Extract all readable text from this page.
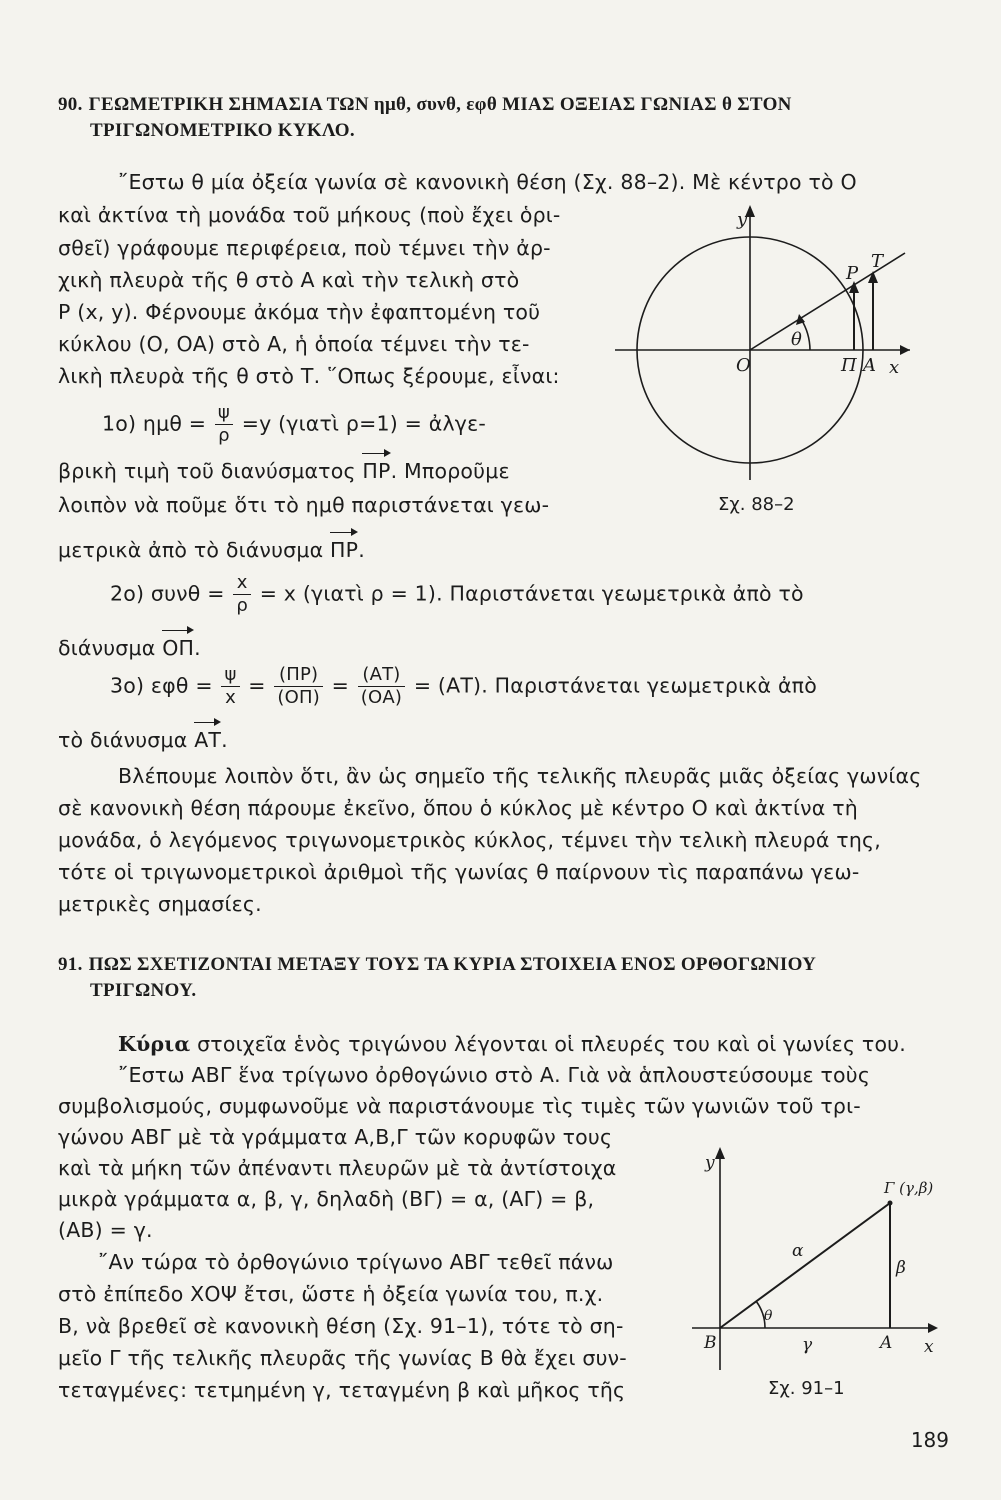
90. ΓΕΩΜΕΤΡΙΚΗ ΣΗΜΑΣΙΑ ΤΩΝ ημθ, συνθ, εφθ ΜΙΑΣ ΟΞΕΙΑΣ ΓΩΝΙΑΣ θ ΣΤΟΝ
ΤΡΙΓΩΝΟΜΕΤΡΙΚΟ ΚΥΚΛΟ.
῎Εστω θ μία ὀξεία γωνία σὲ κανονικὴ θέση (Σχ. 88–2). Μὲ κέντρο τὸ Ο
καὶ ἀκτίνα τὴ μονάδα τοῦ μήκους (ποὺ ἔχει ὁρι-
σθεῖ) γράφουμε περιφέρεια, ποὺ τέμνει τὴν ἀρ-
χικὴ πλευρὰ τῆς θ στὸ Α καὶ τὴν τελικὴ στὸ
Ρ (x, y). Φέρνουμε ἀκόμα τὴν ἐφαπτομένη τοῦ
κύκλου (Ο, ΟΑ) στὸ Α, ἡ ὁποία τέμνει τὴν τε-
λικὴ πλευρὰ τῆς θ στὸ Τ. ῞Οπως ξέρουμε, εἶναι:
1ο) $\eta\mu\theta = \frac{\psi}{\rho} =y$ (γιατὶ ρ=1) = ἀλγε-
βρικὴ τιμὴ τοῦ διανύσματος ΠΡ. Μποροῦμε
λοιπὸν νὰ ποῦμε ὅτι τὸ ημθ παριστάνεται γεω-
μετρικὰ ἀπὸ τὸ διάνυσμα ΠΡ.
2ο) $\sigma\upsilon\nu\theta = \frac{x}{\rho} = x$ (γιατὶ ρ = 1). Παριστάνεται γεωμετρικὰ ἀπὸ τὸ
διάνυσμα ΟΠ.
3ο) $\varepsilon\varphi\theta = \frac{\psi}{x} = \frac{(\Pi P)}{(O\Pi)} = \frac{(AT)}{(OA)} = (AT)$. Παριστάνεται γεωμετρικὰ ἀπὸ
τὸ διάνυσμα ΑΤ.
Βλέπουμε λοιπὸν ὅτι, ἂν ὡς σημεῖο τῆς τελικῆς πλευρᾶς μιᾶς ὀξείας γωνίας
σὲ κανονικὴ θέση πάρουμε ἐκεῖνο, ὅπου ὁ κύκλος μὲ κέντρο Ο καὶ ἀκτίνα τὴ
μονάδα, ὁ λεγόμενος τριγωνομετρικὸς κύκλος, τέμνει τὴν τελικὴ πλευρά της,
τότε οἱ τριγωνομετρικοὶ ἀριθμοὶ τῆς γωνίας θ παίρνουν τὶς παραπάνω γεω-
μετρικὲς σημασίες.
y
x
O
P
T
Π A
θ
Σχ. 88–2
91. ΠΩΣ ΣΧΕΤΙΖΟΝΤΑΙ ΜΕΤΑΞΥ ΤΟΥΣ ΤΑ ΚΥΡΙΑ ΣΤΟΙΧΕΙΑ ΕΝΟΣ ΟΡΘΟΓΩΝΙΟΥ
ΤΡΙΓΩΝΟΥ.
Κύρια στοιχεῖα ἑνὸς τριγώνου λέγονται οἱ πλευρές του καὶ οἱ γωνίες του.
῎Εστω ΑΒΓ ἕνα τρίγωνο ὀρθογώνιο στὸ Α. Γιὰ νὰ ἁπλουστεύσουμε τοὺς
συμβολισμούς, συμφωνοῦμε νὰ παριστάνουμε τὶς τιμὲς τῶν γωνιῶν τοῦ τρι-
γώνου ΑΒΓ μὲ τὰ γράμματα Α,Β,Γ τῶν κορυφῶν τους
καὶ τὰ μήκη τῶν ἀπέναντι πλευρῶν μὲ τὰ ἀντίστοιχα
μικρὰ γράμματα α, β, γ, δηλαδὴ (ΒΓ) = α, (ΑΓ) = β,
(ΑΒ) = γ.
῎Αν τώρα τὸ ὀρθογώνιο τρίγωνο ΑΒΓ τεθεῖ πάνω
στὸ ἐπίπεδο ΧΟΨ ἔτσι, ὥστε ἡ ὀξεία γωνία του, π.χ.
Β, νὰ βρεθεῖ σὲ κανονικὴ θέση (Σχ. 91–1), τότε τὸ ση-
μεῖο Γ τῆς τελικῆς πλευρᾶς τῆς γωνίας Β θὰ ἔχει συν-
τεταγμένες: τετμημένη γ, τεταγμένη β καὶ μῆκος τῆς
y
x
B	A
Γ (γ,β)
α
β
γ
θ
Σχ. 91–1
189
